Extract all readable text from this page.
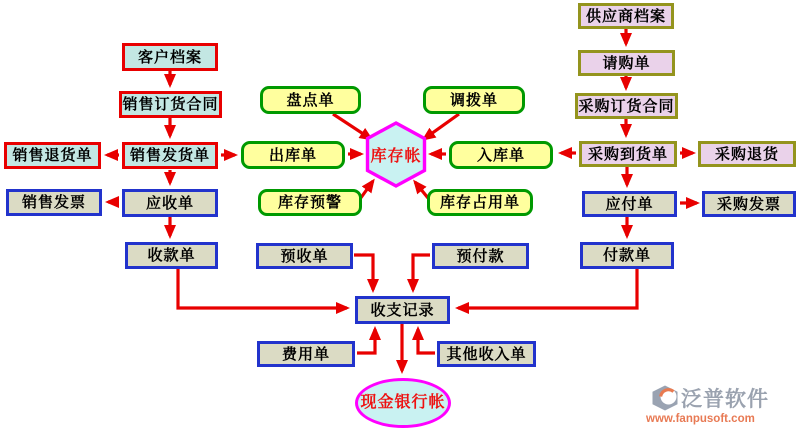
客户档案
销售订货合同
销售退货单	销售发货单
销售发票	应收单
收款单
应付单	采购发票
付款单
预收单	预付款
收支记录
费用单	其他收入单
盘点单	调拨单
出库单	入库单
库存预警	库存占用单
供应商档案
请购单
采购订货合同
采购到货单	采购退货
库存帐
现金银行帐	泛普软件
www.fanpusoft.com
